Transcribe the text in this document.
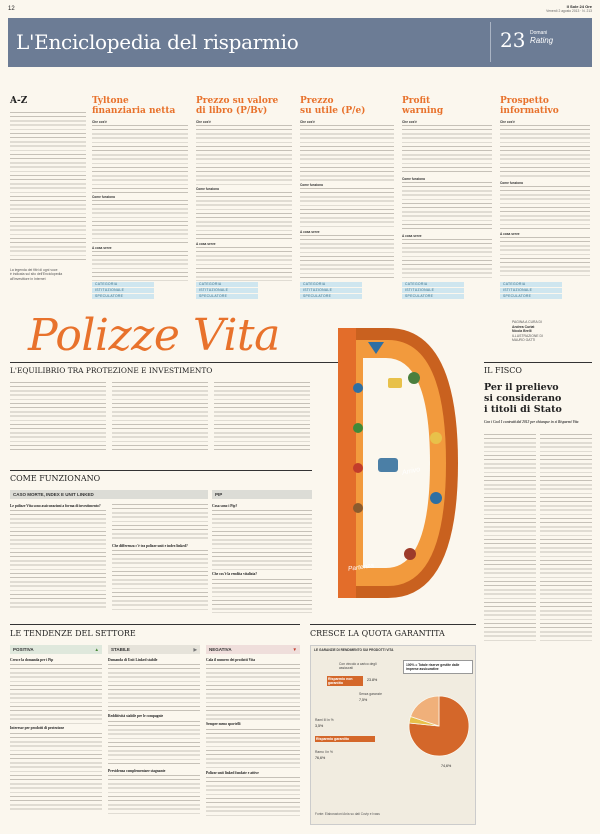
12	Il Sole 24 Ore
Venerdì 2 agosto 2013 · N. 213
L'Enciclopedia del risparmio	23 Domani
Rating
A-Z
La legenda dei filtri di ogni voce
è indicata sul sito dell'Enciclopedia
all'investitore in Internet
Tyltone
finanziaria netta
Che cos'è
Come funziona
A cosa serve
Prezzo su valore
di libro (P/Bv)
Che cos'è
Come funziona
A cosa serve
Prezzo
su utile (P/e)
Che cos'è
Come funziona
A cosa serve
Profit
warning
Che cos'è
Come funziona
A cosa serve
Prospetto
informativo
Che cos'è
Come funziona
A cosa serve
CATEGORIA
ISTITUZIONALE
SPECULATORE
CATEGORIA
ISTITUZIONALE
SPECULATORE
CATEGORIA
ISTITUZIONALE
SPECULATORE
CATEGORIA
ISTITUZIONALE
SPECULATORE
CATEGORIA
ISTITUZIONALE
SPECULATORE
PAGINA A CURA DI
Andrea Curiat
Nicola Brelli
ILLUSTRAZIONE DI
MAURO GATTI
Polizze Vita
L'EQUILIBRIO TRA PROTEZIONE E INVESTIMENTO
Arrivo
Partenza
IL FISCO
Per il prelievo
si considerano
i titoli di Stato
Con i Cool I contratti dal 2012 per chiunque in si Risparmi Vita
COME FUNZIONANO
CASO MORTE, INDEX E UNIT LINKED	PIP
Le polizze Vita sono assicurazioni a forma di investimento?
Che differenza c'è tra polizze unit e index linked?
Cosa sono i Pip?
Che cos'è la rendita vitalizia?
LE TENDENZE DEL SETTORE
▲
POSITIVA	▶
STABILE	▼
NEGATIVA
Cresce la domanda per i Pip
Interesse per prodotti di protezione
Domanda di Unit Linked stabile
Redditività stabile per le compagnie
Previdenza complementare stagnante
Cala il numero dei prodotti Vita
Sempre meno sportelli
Polizze unit linked fondate e attive
CRESCE LA QUOTA GARANTITA
LE GARANZIE DI RENDIMENTO SUI PRODOTTI VITA
100% = Totale riserve gestite dalle imprese assicurative
Con vincolo a carico degli assicurati
Risparmio non garantito
23.8%
Senza garanzie
7,5%
Rami III in %
3,5%
Risparmio garantito
Ramo I in %
76,6%
74,6%
Fonte: Elaborazioni Ania su dati Covip e Ivass
